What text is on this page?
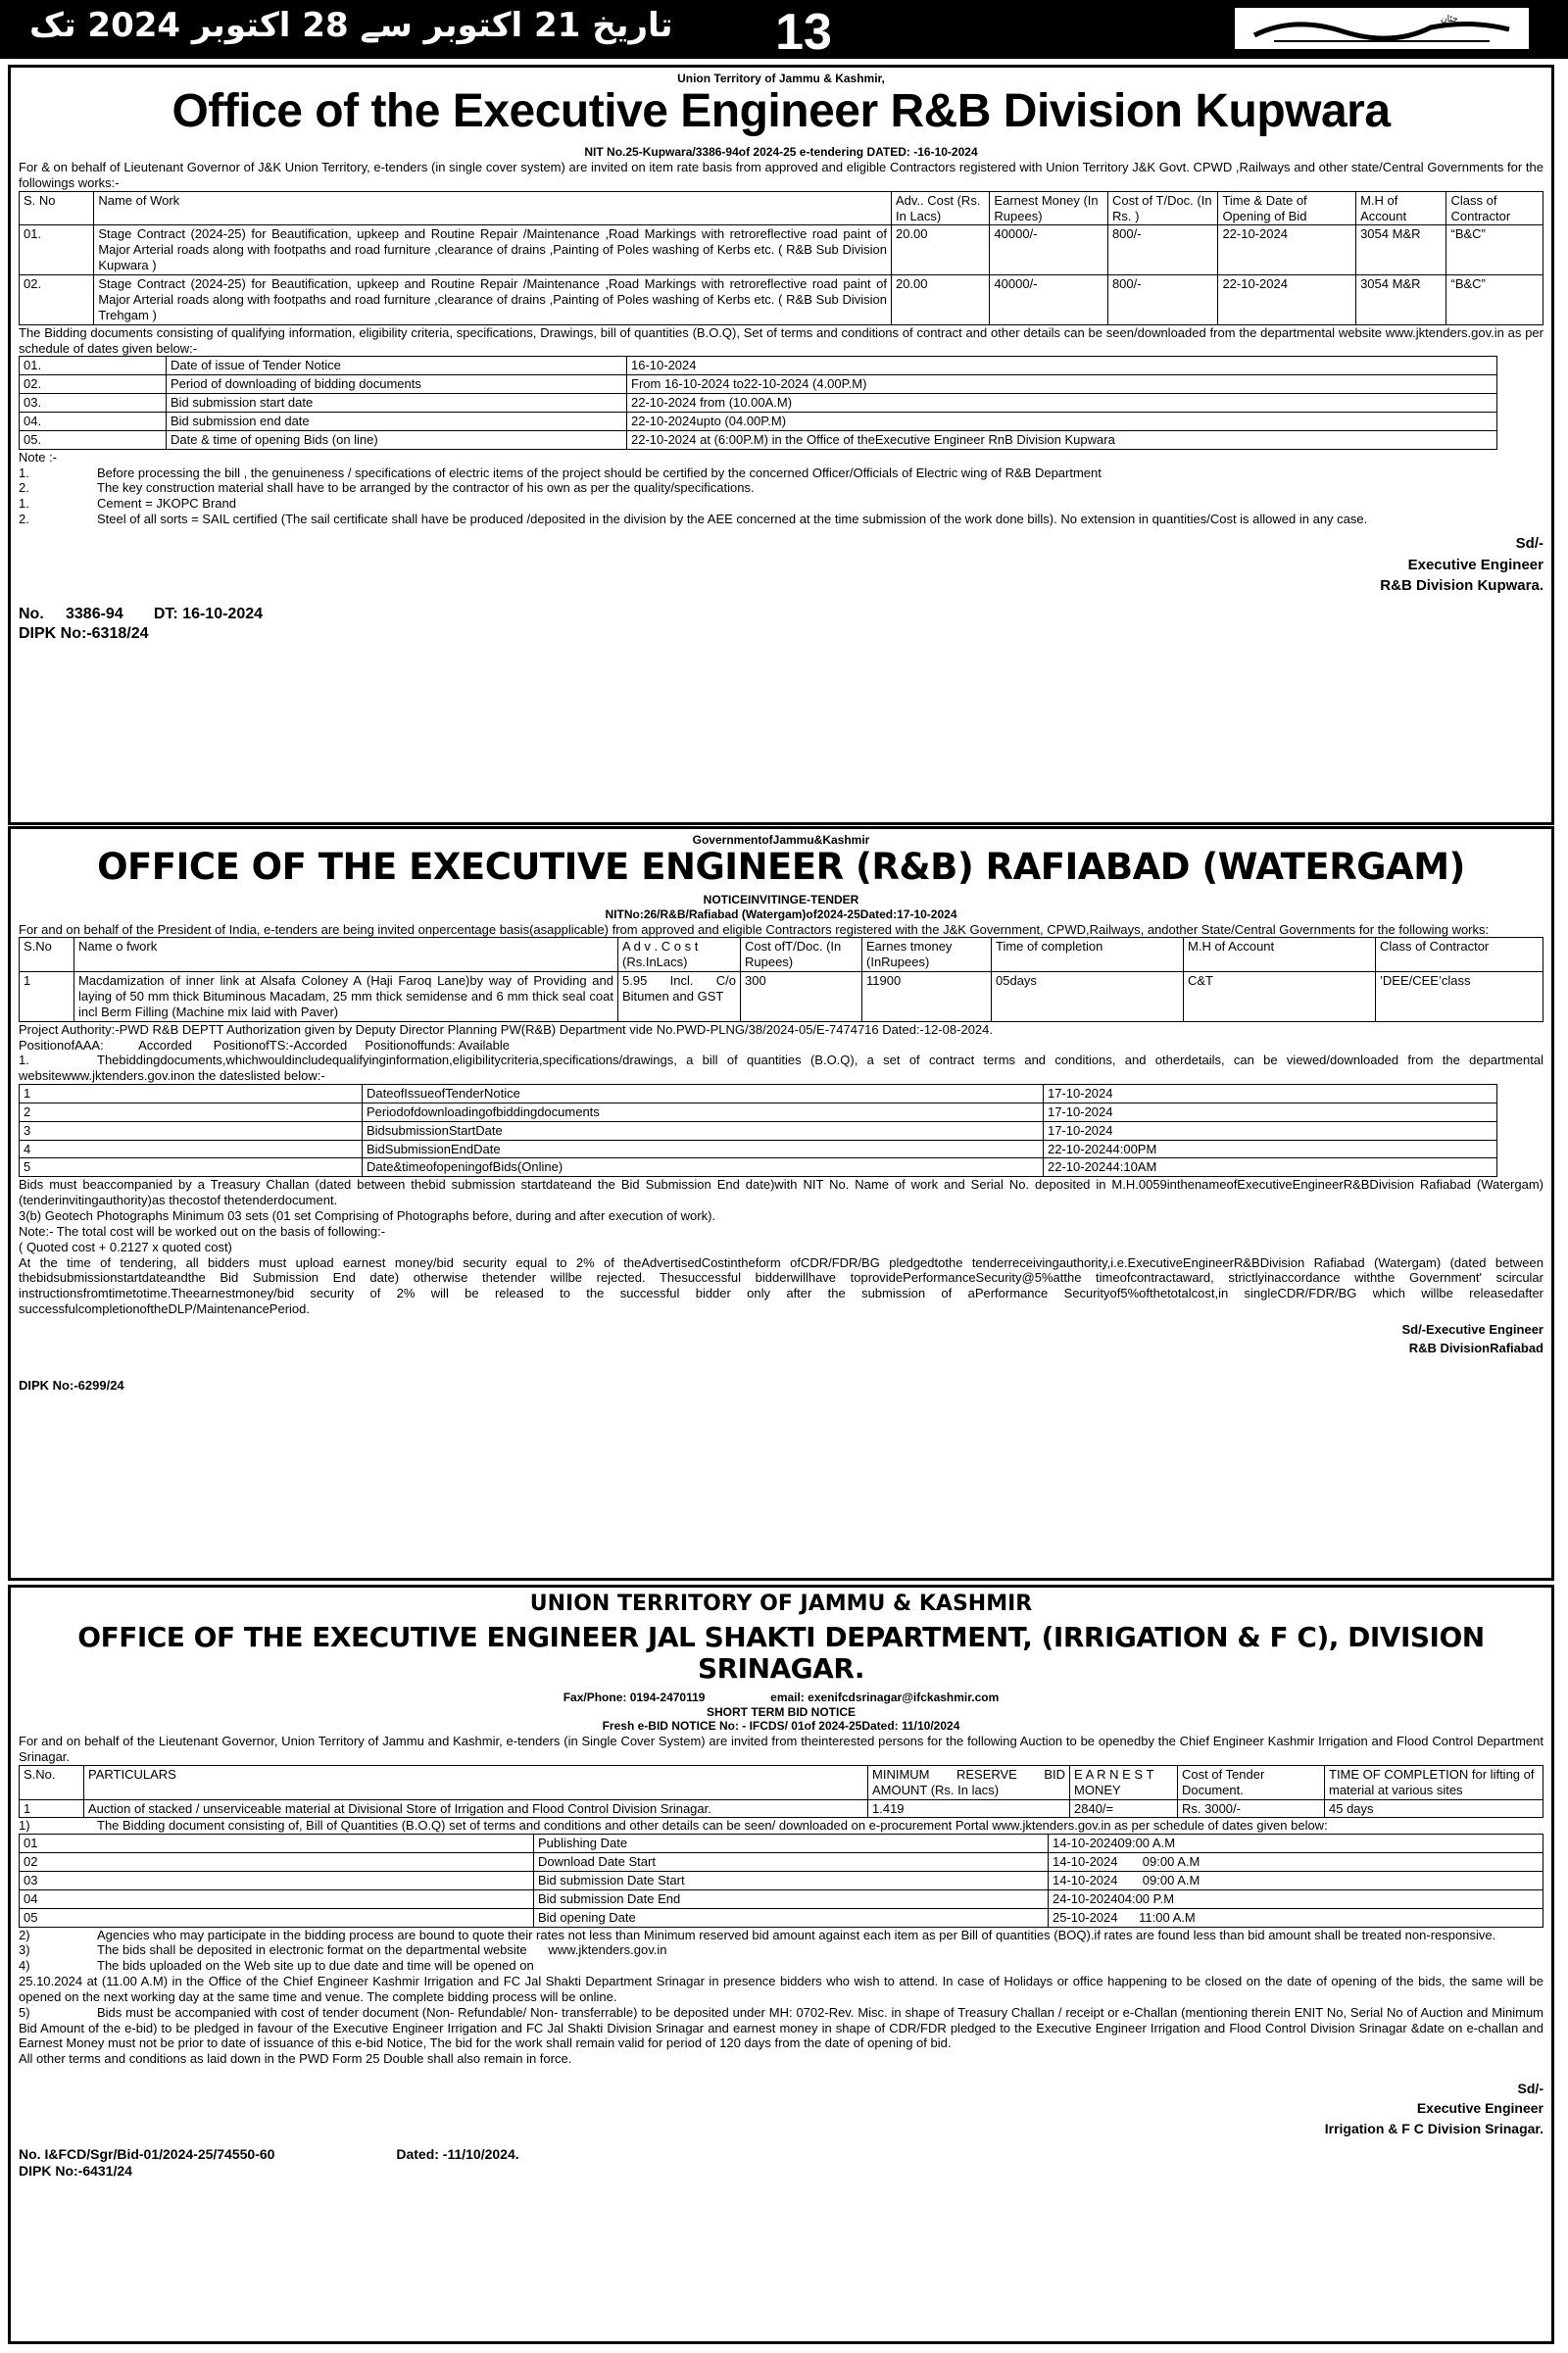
تاریخ 21 اکتوبر سے 28 اکتوبر 2024 تک	13	چٹان
Union Territory of Jammu & Kashmir,
Office of the Executive Engineer R&B Division Kupwara
NIT No.25-Kupwara/3386-94of 2024-25 e-tendering DATED: -16-10-2024

For & on behalf of Lieutenant Governor of J&K Union Territory, e-tenders (in single cover system) are invited on item rate basis from approved and eligible Contractors registered with Union Territory J&K Govt. CPWD ,Railways and other state/Central Governments for the followings works:-

S. No	Name of Work	Adv.. Cost (Rs. In Lacs)	Earnest Money (In Rupees)	Cost of T/Doc. (In Rs. )	Time & Date of Opening of Bid	M.H of Account	Class of Contractor
01.	Stage Contract (2024-25) for Beautification, upkeep and Routine Repair /Maintenance ,Road Markings with retroreflective road paint of Major Arterial roads along with footpaths and road furniture ,clearance of drains ,Painting of Poles washing of Kerbs etc. ( R&B Sub Division Kupwara )	20.00	40000/-	800/-	22-10-2024	3054 M&R	“B&C”
02.	Stage Contract (2024-25) for Beautification, upkeep and Routine Repair /Maintenance ,Road Markings with retroreflective road paint of Major Arterial roads along with footpaths and road furniture ,clearance of drains ,Painting of Poles washing of Kerbs etc. ( R&B Sub Division Trehgam )	20.00	40000/-	800/-	22-10-2024	3054 M&R	“B&C”

The Bidding documents consisting of qualifying information, eligibility criteria, specifications, Drawings, bill of quantities (B.O.Q), Set of terms and conditions of contract and other details can be seen/downloaded from the departmental website www.jktenders.gov.in as per schedule of dates given below:-

01.	Date of issue of Tender Notice	16-10-2024
02.	Period of downloading of bidding documents	From 16-10-2024 to22-10-2024 (4.00P.M)
03.	Bid submission start date	22-10-2024 from (10.00A.M)
04.	Bid submission end date	22-10-2024upto (04.00P.M)
05.	Date & time of opening Bids (on line)	22-10-2024 at (6:00P.M) in the Office of theExecutive Engineer RnB Division Kupwara
Note :-
1.	Before processing the bill , the genuineness / specifications of electric items of the project should be certified by the concerned Officer/Officials of Electric wing of R&B Department
2.	The key construction material shall have to be arranged by the contractor of his own as per the quality/specifications.
1.	Cement = JKOPC Brand
2.	Steel of all sorts = SAIL certified (The sail certificate shall have be produced /deposited in the division by the AEE concerned at the time submission of the work done bills). No extension in quantities/Cost is allowed in any case.
Sd/-
Executive Engineer
R&B Division Kupwara.
No.     3386-94       DT: 16-10-2024
DIPK No:-6318/24
GovernmentofJammu&Kashmir
OFFICE OF THE EXECUTIVE ENGINEER (R&B) RAFIABAD (WATERGAM)
NOTICEINVITINGE-TENDER
NITNo:26/R&B/Rafiabad (Watergam)of2024-25Dated:17-10-2024

For and on behalf of the President of India, e-tenders are being invited onpercentage basis(asapplicable) from approved and eligible Contractors registered with the J&K Government, CPWD,Railways, andother State/Central Governments for the following works:

S.No	Name o fwork	A d v . C o s t (Rs.InLacs)	Cost ofT/Doc. (In Rupees)	Earnes tmoney (InRupees)	Time of completion	M.H of Account	Class of Contractor
1	Macdamization of inner link at Alsafa Coloney A (Haji Faroq Lane)by way of Providing and laying of 50 mm thick Bituminous Macadam, 25 mm thick semidense and 6 mm thick seal coat incl Berm Filling (Machine mix laid with Paver)	5.95 Incl. C/o Bitumen and GST	300	11900	05days	C&T	’DEE/CEE’class

Project Authority:-PWD R&B DEPTT Authorization given by Deputy Director Planning PW(R&B) Department vide No.PWD-PLNG/38/2024-05/E-7474716 Dated:-12-08-2024.

PositionofAAA:          Accorded      PositionofTS:-Accorded     Positionoffunds: Available

1.	Thebiddingdocuments,whichwouldincludequalifyinginformation,eligibilitycriteria,specifications/drawings, a bill of quantities (B.O.Q), a set of contract terms and conditions, and otherdetails, can be viewed/downloaded from the departmental websitewww.jktenders.gov.inon the dateslisted below:-

1	DateofIssueofTenderNotice	17-10-2024
2	Periodofdownloadingofbiddingdocuments	17-10-2024
3	BidsubmissionStartDate	17-10-2024
4	BidSubmissionEndDate	22-10-20244:00PM
5	Date&timeofopeningofBids(Online)	22-10-20244:10AM

Bids must beaccompanied by a Treasury Challan (dated between thebid submission startdateand the Bid Submission End date)with NIT No. Name of work and Serial No. deposited in M.H.0059inthenameofExecutiveEngineerR&BDivision Rafiabad (Watergam)(tenderinvitingauthority)as thecostof thetenderdocument.

3(b) Geotech Photographs Minimum 03 sets (01 set Comprising of Photographs before, during and after execution of work).

Note:- The total cost will be worked out on the basis of following:-

( Quoted cost + 0.2127 x quoted cost)

At the time of tendering, all bidders must upload earnest money/bid security equal to 2% of theAdvertisedCostintheform ofCDR/FDR/BG pledgedtothe tenderreceivingauthority,i.e.ExecutiveEngineerR&BDivision Rafiabad (Watergam) (dated between thebidsubmissionstartdateandthe Bid Submission End date) otherwise thetender willbe rejected. Thesuccessful bidderwillhave toprovidePerformanceSecurity@5%atthe timeofcontractaward, strictlyinaccordance withthe Government' scircular instructionsfromtimetotime.Theearnestmoney/bid security of 2% will be released to the successful bidder only after the submission of aPerformance Securityof5%ofthetotalcost,in singleCDR/FDR/BG which willbe releasedafter successfulcompletionoftheDLP/MaintenancePeriod.

Sd/-Executive Engineer
R&B DivisionRafiabad
DIPK No:-6299/24
UNION TERRITORY OF JAMMU & KASHMIR
OFFICE OF THE EXECUTIVE ENGINEER JAL SHAKTI DEPARTMENT, (IRRIGATION & F C), DIVISION SRINAGAR.
Fax/Phone: 0194-2470119                    email: exenifcdsrinagar@ifckashmir.com
SHORT TERM BID NOTICE
Fresh e-BID NOTICE No: - IFCDS/ 01of 2024-25Dated: 11/10/2024

For and on behalf of the Lieutenant Governor, Union Territory of Jammu and Kashmir, e-tenders (in Single Cover System) are invited from theinterested persons for the following Auction to be openedby the Chief Engineer Kashmir Irrigation and Flood Control Department Srinagar.

S.No.	PARTICULARS	MINIMUM RESERVE BID AMOUNT (Rs. In lacs)	E A R N E S T MONEY	Cost of Tender Document.	TIME OF COMPLETION for lifting of material at various sites
1	Auction of stacked / unserviceable material at Divisional Store of Irrigation and Flood Control Division Srinagar.	1.419	2840/=	Rs. 3000/-	45 days
1)	The Bidding document consisting of, Bill of Quantities (B.O.Q) set of terms and conditions and other details can be seen/ downloaded on e-procurement Portal www.jktenders.gov.in as per schedule of dates given below:
01	Publishing Date	14-10-202409:00 A.M
02	Download Date Start	14-10-2024       09:00 A.M
03	Bid submission Date Start	14-10-2024       09:00 A.M
04	Bid submission Date End	24-10-202404:00 P.M
05	Bid opening Date	25-10-2024      11:00 A.M
2)	Agencies who may participate in the bidding process are bound to quote their rates not less than Minimum reserved bid amount against each item as per Bill of quantities (BOQ).if rates are found less than bid amount shall be treated non-responsive.
3)	The bids shall be deposited in electronic format on the departmental website      www.jktenders.gov.in
4)	The bids uploaded on the Web site up to due date and time will be opened on

25.10.2024 at (11.00 A.M) in the Office of the Chief Engineer Kashmir Irrigation and FC Jal Shakti Department Srinagar in presence bidders who wish to attend. In case of Holidays or office happening to be closed on the date of opening of the bids, the same will be opened on the next working day at the same time and venue. The complete bidding process will be online.

5)	Bids must be accompanied with cost of tender document (Non- Refundable/ Non- transferrable) to be deposited under MH: 0702-Rev. Misc. in shape of Treasury Challan / receipt or e-Challan (mentioning therein ENIT No, Serial No of Auction and Minimum Bid Amount of the e-bid) to be pledged in favour of the Executive Engineer Irrigation and FC Jal Shakti Division Srinagar and earnest money in shape of CDR/FDR pledged to the Executive Engineer Irrigation and Flood Control Division Srinagar &date on e-challan and Earnest Money must not be prior to date of issuance of this e-bid Notice, The bid for the work shall remain valid for period of 120 days from the date of opening of bid.

All other terms and conditions as laid down in the PWD Form 25 Double shall also remain in force.

Sd/-
Executive Engineer
Irrigation & F C Division Srinagar.
No. I&FCD/Sgr/Bid-01/2024-25/74550-60	Dated: -11/10/2024.
DIPK No:-6431/24
